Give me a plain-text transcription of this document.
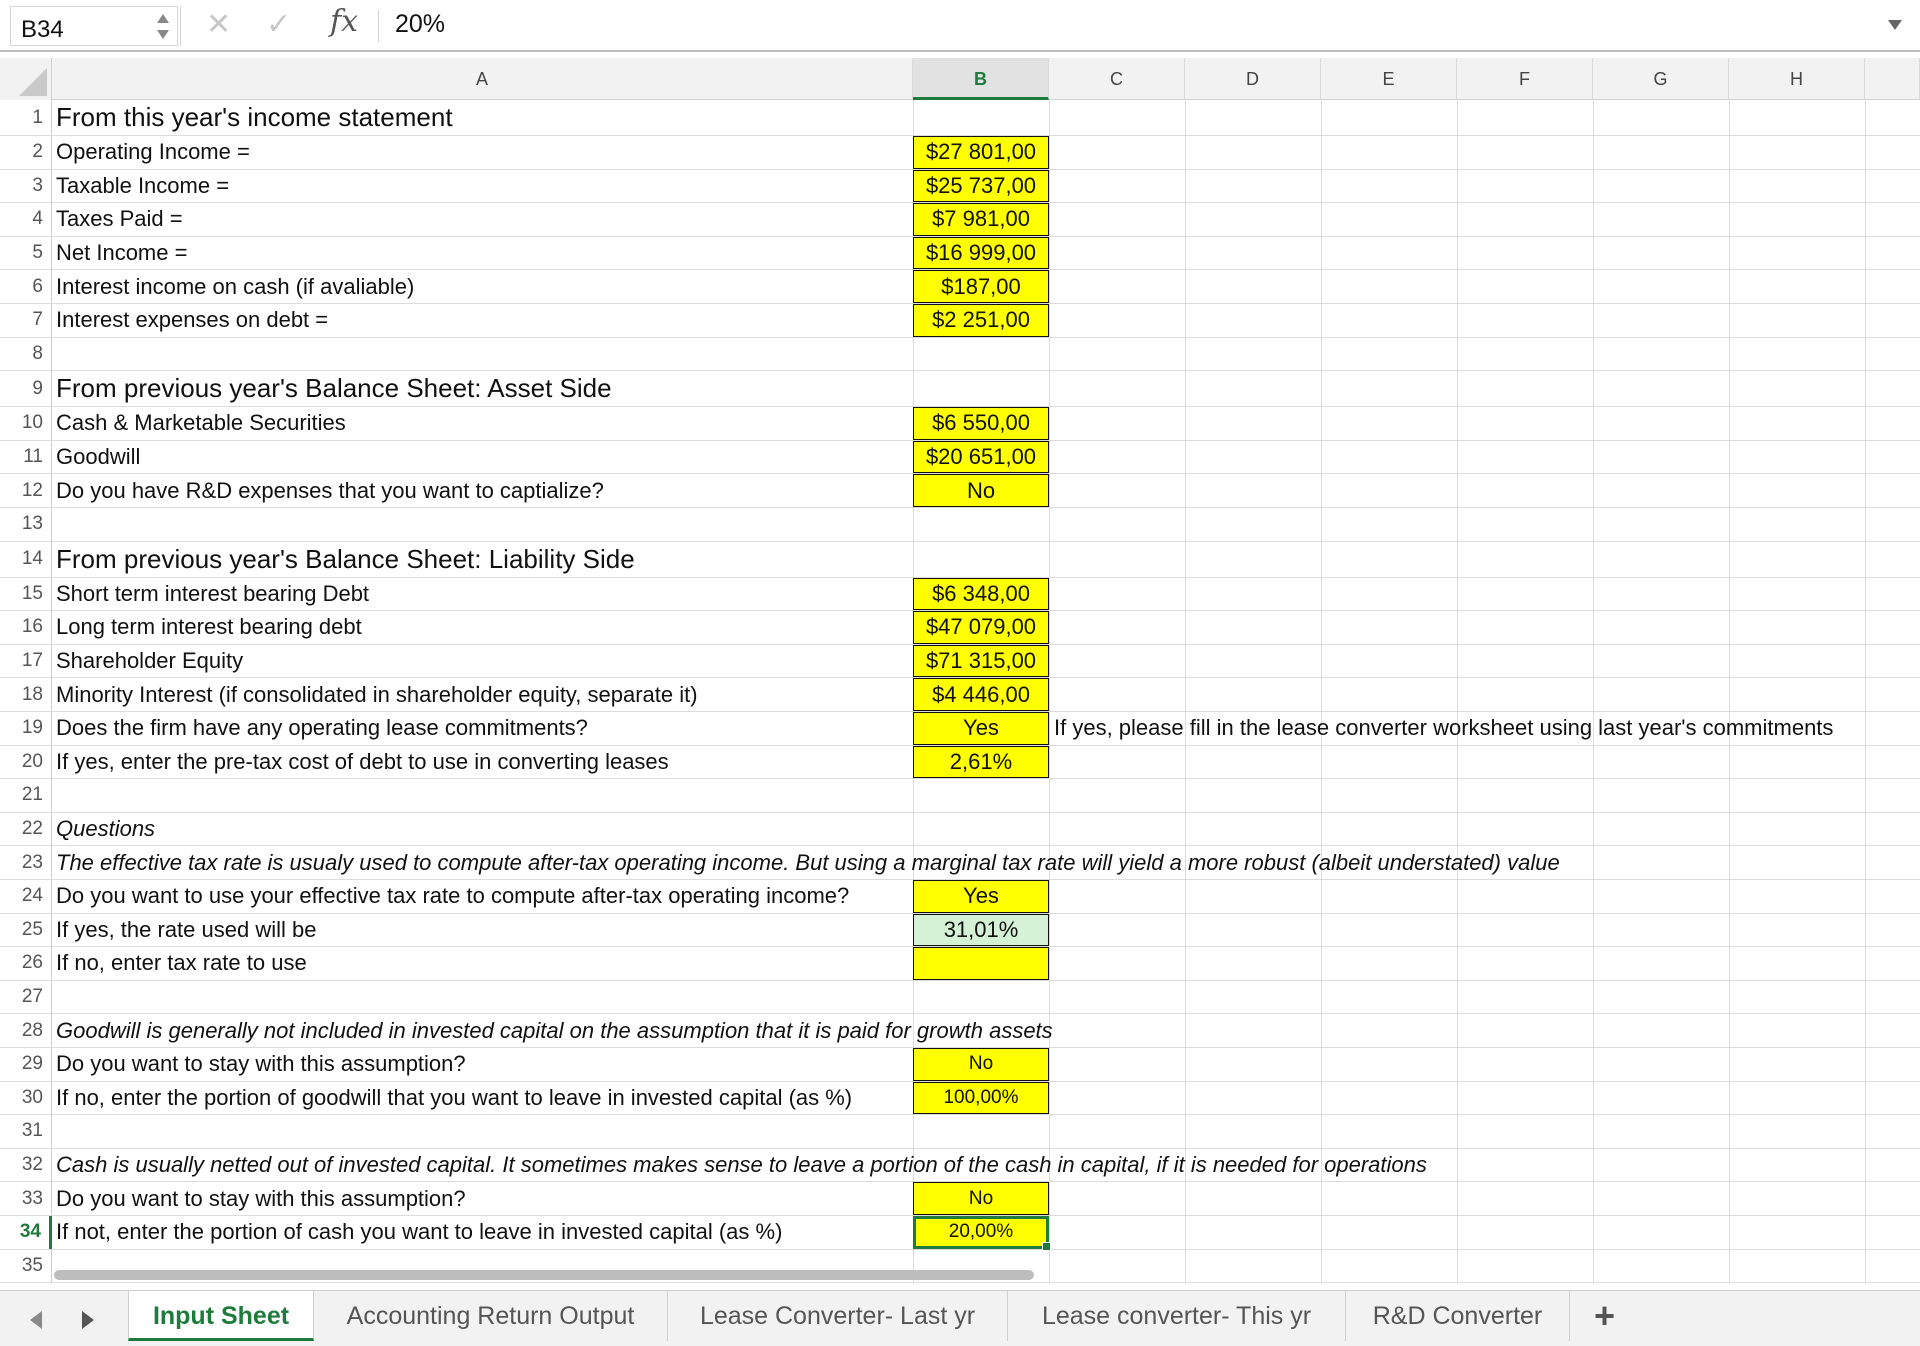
B34	✕ ✓ fx 20%
A	B	C	D	E	F	G	H
1 From this year's income statement
2 Operating Income =	$27 801,00
3 Taxable Income =	$25 737,00
4 Taxes Paid =	$7 981,00
5 Net Income =	$16 999,00
6 Interest income on cash (if avaliable)	$187,00
7 Interest expenses on debt =	$2 251,00
8
9 From previous year's Balance Sheet: Asset Side
10 Cash & Marketable Securities	$6 550,00
11 Goodwill	$20 651,00
12 Do you have R&D expenses that you want to captialize?	No
13
14 From previous year's Balance Sheet: Liability Side
15 Short term interest bearing Debt	$6 348,00
16 Long term interest bearing debt	$47 079,00
17 Shareholder Equity	$71 315,00
18 Minority Interest (if consolidated in shareholder equity, separate it)	$4 446,00
19 Does the firm have any operating lease commitments?	Yes	If yes, please fill in the lease converter worksheet using last year's commitments
20 If yes, enter the pre-tax cost of debt to use in converting leases	2,61%
21
22 Questions
23 The effective tax rate is usualy used to compute after-tax operating income. But using a marginal tax rate will yield a more robust (albeit understated) value
24 Do you want to use your effective tax rate to compute after-tax operating income?	Yes
25 If yes, the rate used will be	31,01%
26 If no, enter tax rate to use
27
28 Goodwill is generally not included in invested capital on the assumption that it is paid for growth assets
29 Do you want to stay with this assumption?	No
30 If no, enter the portion of goodwill that you want to leave in invested capital (as %)	100,00%
31
32 Cash is usually netted out of invested capital. It sometimes makes sense to leave a portion of the cash in capital, if it is needed for operations
33 Do you want to stay with this assumption?	No
34 If not, enter the portion of cash you want to leave in invested capital (as %)	20,00%
35
+
Input Sheet	Accounting Return Output	Lease Converter- Last yr	Lease converter- This yr	R&D Converter
